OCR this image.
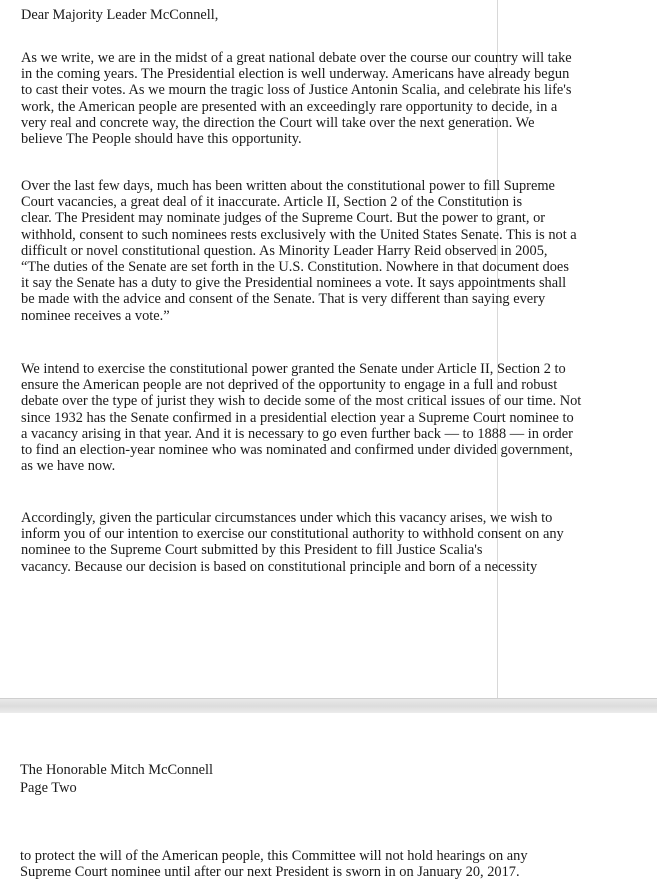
Dear Majority Leader McConnell,

As we write, we are in the midst of a great national debate over the course our country will take
in the coming years. The Presidential election is well underway. Americans have already begun
to cast their votes. As we mourn the tragic loss of Justice Antonin Scalia, and celebrate his life's
work, the American people are presented with an exceedingly rare opportunity to decide, in a
very real and concrete way, the direction the Court will take over the next generation. We
believe The People should have this opportunity.

Over the last few days, much has been written about the constitutional power to fill Supreme
Court vacancies, a great deal of it inaccurate. Article II, Section 2 of the Constitution is
clear. The President may nominate judges of the Supreme Court. But the power to grant, or
withhold, consent to such nominees rests exclusively with the United States Senate. This is not a
difficult or novel constitutional question. As Minority Leader Harry Reid observed in 2005,
“The duties of the Senate are set forth in the U.S. Constitution. Nowhere in that document does
it say the Senate has a duty to give the Presidential nominees a vote. It says appointments shall
be made with the advice and consent of the Senate. That is very different than saying every
nominee receives a vote.”

We intend to exercise the constitutional power granted the Senate under Article II, Section 2 to
ensure the American people are not deprived of the opportunity to engage in a full and robust
debate over the type of jurist they wish to decide some of the most critical issues of our time. Not
since 1932 has the Senate confirmed in a presidential election year a Supreme Court nominee to
a vacancy arising in that year. And it is necessary to go even further back — to 1888 — in order
to find an election-year nominee who was nominated and confirmed under divided government,
as we have now.

Accordingly, given the particular circumstances under which this vacancy arises, we wish to
inform you of our intention to exercise our constitutional authority to withhold consent on any
nominee to the Supreme Court submitted by this President to fill Justice Scalia's
vacancy. Because our decision is based on constitutional principle and born of a necessity

The Honorable Mitch McConnell

Page Two

to protect the will of the American people, this Committee will not hold hearings on any
Supreme Court nominee until after our next President is sworn in on January 20, 2017.
